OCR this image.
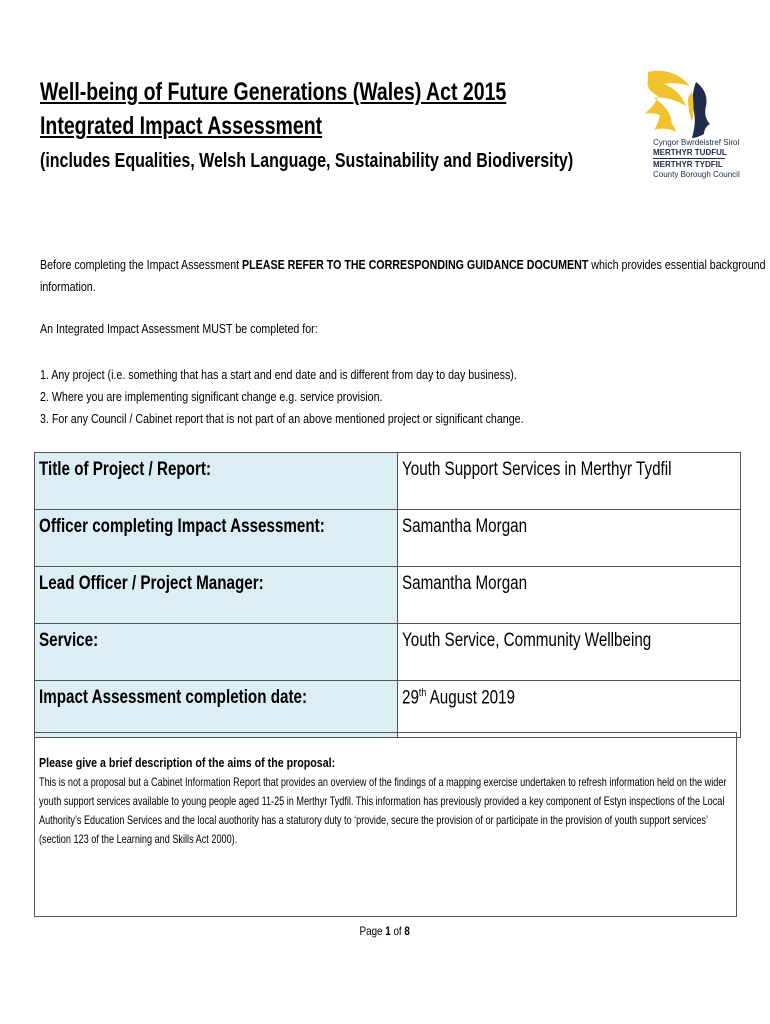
Well-being of Future Generations (Wales) Act 2015
Integrated Impact Assessment
(includes Equalities, Welsh Language, Sustainability and Biodiversity)
Cyngor Bwrdeistref Sirol
MERTHYR TUDFUL
MERTHYR TYDFIL
County Borough Council
Before completing the Impact Assessment PLEASE REFER TO THE CORRESPONDING GUIDANCE DOCUMENT which provides essential background
information.
An Integrated Impact Assessment MUST be completed for:
1. Any project (i.e. something that has a start and end date and is different from day to day business).
2. Where you are implementing significant change e.g. service provision.
3. For any Council / Cabinet report that is not part of an above mentioned project or significant change.
Title of Project / Report:	Youth Support Services in Merthyr Tydfil

Officer completing Impact Assessment:	Samantha Morgan

Lead Officer / Project Manager:	Samantha Morgan

Service:	Youth Service, Community Wellbeing

Impact Assessment completion date:	29th August 2019
Please give a brief description of the aims of the proposal:
This is not a proposal but a Cabinet Information Report that provides an overview of the findings of a mapping exercise undertaken to refresh information held on the wider
youth support services available to young people aged 11-25 in Merthyr Tydfil. This information has previously provided a key component of Estyn inspections of the Local
Authority’s Education Services and the local auothority has a staturory duty to ‘provide, secure the provision of or participate in the provision of youth support services’
(section 123 of the Learning and Skills Act 2000).
Page 1 of 8
